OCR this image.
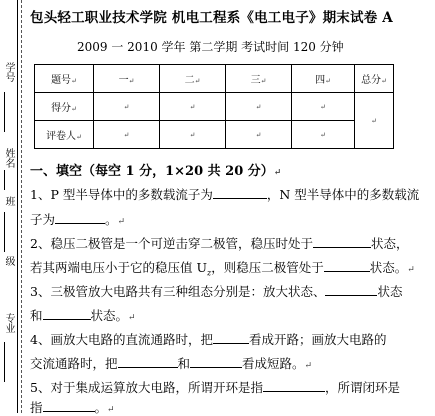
学号
姓名
班
级
专业
包头轻工职业技术学院 机电工程系《电工电子》期末试卷 A
2009 一 2010 学年 第二学期 考试时间 120 分钟
题号↵	一↵	二↵	三↵	四↵	总分↵
得分↵	↵	↵	↵	↵	↵
评卷人↵	↵	↵	↵	↵	
一、填空（每空 1 分，1×20 共 20 分）↵
1、P 型半导体中的多数载流子为	，N 型半导体中的多数载流
子为	。↵
2、稳压二极管是一个可逆击穿二极管，稳压时处于	状态，
若其两端电压小于它的稳压值 $U_z$，则稳压二极管处于	状态。↵
3、三极管放大电路共有三种组态分别是：放大状态、	状态
和	状态。↵
4、画放大电路的直流通路时，把	看成开路；画放大电路的
交流通路时，把	和	看成短路。↵
5、对于集成运算放大电路，所谓开环是指	，所谓闭环是
指	。↵
